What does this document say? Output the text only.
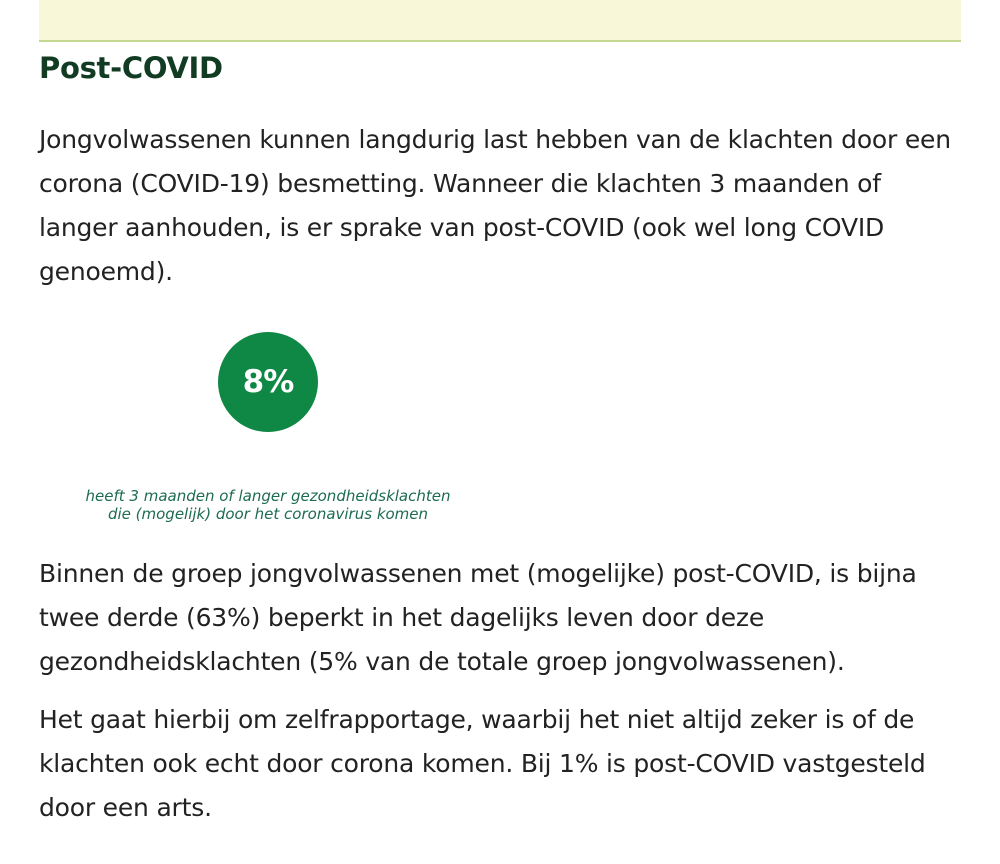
Post-COVID

Jongvolwassenen kunnen langdurig last hebben van de klachten door een corona (COVID-19) besmetting. Wanneer die klachten 3 maanden of langer aanhouden, is er sprake van post-COVID (ook wel long COVID genoemd).

8%
heeft 3 maanden of langer gezondheidsklachten
die (mogelijk) door het coronavirus komen

Binnen de groep jongvolwassenen met (mogelijke) post-COVID, is bijna twee derde (63%) beperkt in het dagelijks leven door deze gezondheidsklachten (5% van de totale groep jongvolwassenen).

Het gaat hierbij om zelfrapportage, waarbij het niet altijd zeker is of de klachten ook echt door corona komen. Bij 1% is post-COVID vastgesteld door een arts.
